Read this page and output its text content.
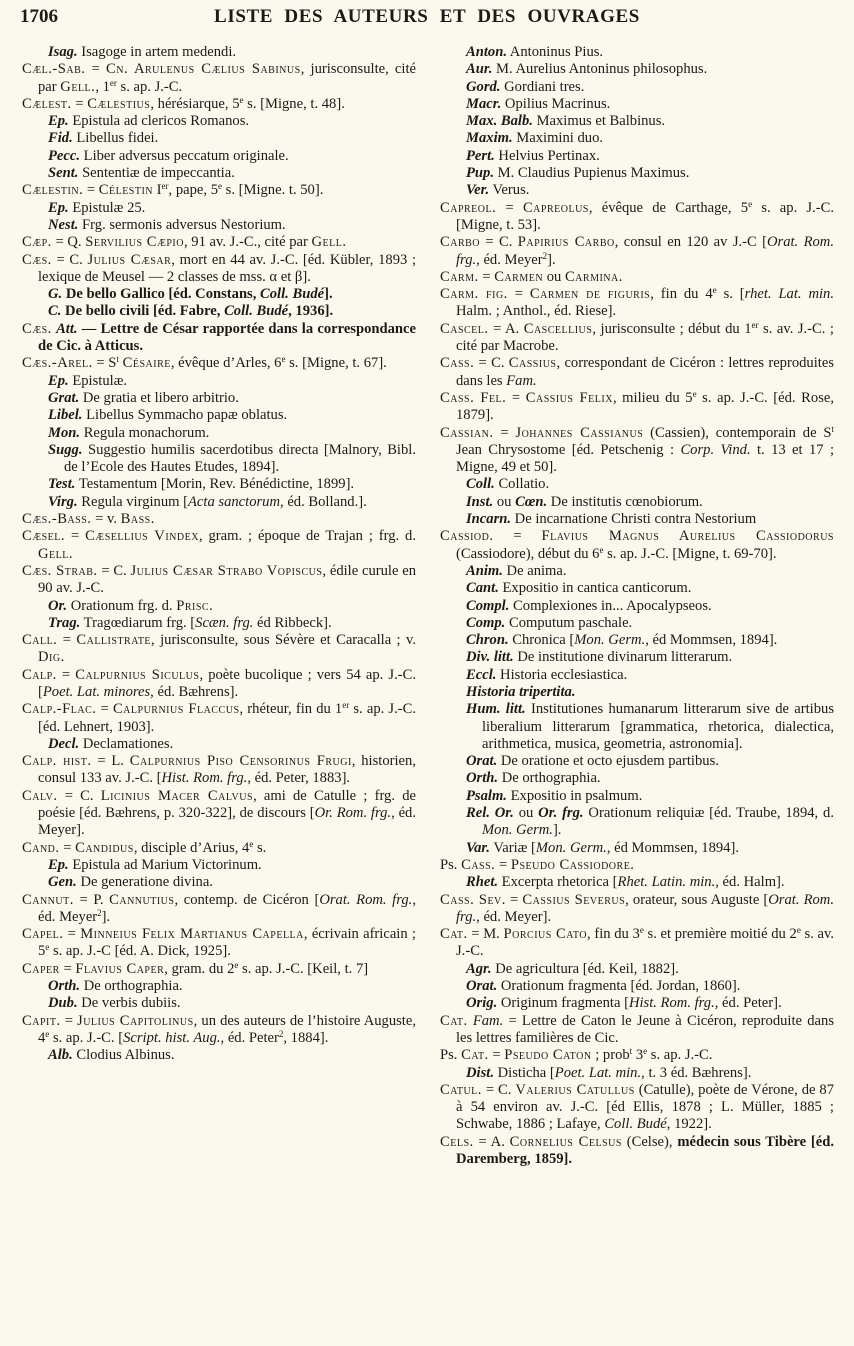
1706	LISTE DES AUTEURS ET DES OUVRAGES
Isag. Isagoge in artem medendi.
Cæl.-Sab. = Cn. Arulenus Cælius Sabinus, jurisconsulte, cité par Gell., 1er s. ap. J.-C.
Cælest. = Cælestius, hérésiarque, 5e s. [Migne, t. 48].
Ep. Epistula ad clericos Romanos.
Fid. Libellus fidei.
Pecc. Liber adversus peccatum originale.
Sent. Sententiæ de impeccantia.
Cælestin. = Célestin Ier, pape, 5e s. [Migne. t. 50].
Ep. Epistulæ 25.
Nest. Frg. sermonis adversus Nestorium.
Cæp. = Q. Servilius Cæpio, 91 av. J.-C., cité par Gell.
Cæs. = C. Julius Cæsar, mort en 44 av. J.-C. [éd. Kübler, 1893 ; lexique de Meusel — 2 classes de mss. α et β].
G. De bello Gallico [éd. Constans, Coll. Budé].
C. De bello civili [éd. Fabre, Coll. Budé, 1936].
Cæs. Att. — Lettre de César rapportée dans la correspondance de Cic. à Atticus.
Cæs.-Arel. = $S^t$ Césaire, évêque d’Arles, 6e s. [Migne, t. 67].
Ep. Epistulæ.
Grat. De gratia et libero arbitrio.
Libel. Libellus Symmacho papæ oblatus.
Mon. Regula monachorum.
Sugg. Suggestio humilis sacerdotibus directa [Malnory, Bibl. de l’Ecole des Hautes Etudes, 1894].
Test. Testamentum [Morin, Rev. Bénédictine, 1899].
Virg. Regula virginum [Acta sanctorum, éd. Bolland.].
Cæs.-Bass. = v. Bass.
Cæsel. = Cæsellius Vindex, gram. ; époque de Trajan ; frg. d. Gell.
Cæs. Strab. = C. Julius Cæsar Strabo Vopiscus, édile curule en 90 av. J.-C.
Or. Orationum frg. d. Prisc.
Trag. Tragœdiarum frg. [Scæn. frg. éd Ribbeck].
Call. = Callistrate, jurisconsulte, sous Sévère et Caracalla ; v. Dig.
Calp. = Calpurnius Siculus, poète bucolique ; vers 54 ap. J.-C. [Poet. Lat. minores, éd. Bæhrens].
Calp.-Flac. = Calpurnius Flaccus, rhéteur, fin du 1er s. ap. J.-C. [éd. Lehnert, 1903].
Decl. Declamationes.
Calp. hist. = L. Calpurnius Piso Censorinus Frugi, historien, consul 133 av. J.-C. [Hist. Rom. frg., éd. Peter, 1883].
Calv. = C. Licinius Macer Calvus, ami de Catulle ; frg. de poésie [éd. Bæhrens, p. 320-322], de discours [Or. Rom. frg., éd. Meyer].
Cand. = Candidus, disciple d’Arius, 4e s.
Ep. Epistula ad Marium Victorinum.
Gen. De generatione divina.
Cannut. = P. Cannutius, contemp. de Cicéron [Orat. Rom. frg., éd. Meyer$^2$].
Capel. = Minneius Felix Martianus Capella, écrivain africain ; 5e s. ap. J.-C [éd. A. Dick, 1925].
Caper = Flavius Caper, gram. du 2e s. ap. J.-C. [Keil, t. 7]
Orth. De orthographia.
Dub. De verbis dubiis.
Capit. = Julius Capitolinus, un des auteurs de l’histoire Auguste, 4e s. ap. J.-C. [Script. hist. Aug., éd. Peter$^2$, 1884].
Alb. Clodius Albinus.
Anton. Antoninus Pius.
Aur. M. Aurelius Antoninus philosophus.
Gord. Gordiani tres.
Macr. Opilius Macrinus.
Max. Balb. Maximus et Balbinus.
Maxim. Maximini duo.
Pert. Helvius Pertinax.
Pup. M. Claudius Pupienus Maximus.
Ver. Verus.
Capreol. = Capreolus, évêque de Carthage, 5e s. ap. J.-C. [Migne, t. 53].
Carbo = C. Papirius Carbo, consul en 120 av J.-C [Orat. Rom. frg., éd. Meyer$^2$].
Carm. = Carmen ou Carmina.
Carm. fig. = Carmen de figuris, fin du 4e s. [rhet. Lat. min. Halm. ; Anthol., éd. Riese].
Cascel. = A. Cascellius, jurisconsulte ; début du 1er s. av. J.-C. ; cité par Macrobe.
Cass. = C. Cassius, correspondant de Cicéron : lettres reproduites dans les Fam.
Cass. Fel. = Cassius Felix, milieu du 5e s. ap. J.-C. [éd. Rose, 1879].
Cassian. = Johannes Cassianus (Cassien), contemporain de $S^t$ Jean Chrysostome [éd. Petschenig : Corp. Vind. t. 13 et 17 ; Migne, 49 et 50].
Coll. Collatio.
Inst. ou Cœn. De institutis cœnobiorum.
Incarn. De incarnatione Christi contra Nestorium
Cassiod. = Flavius Magnus Aurelius Cassiodorus (Cassiodore), début du 6e s. ap. J.-C. [Migne, t. 69-70].
Anim. De anima.
Cant. Expositio in cantica canticorum.
Compl. Complexiones in... Apocalypseos.
Comp. Computum paschale.
Chron. Chronica [Mon. Germ., éd Mommsen, 1894].
Div. litt. De institutione divinarum litterarum.
Eccl. Historia ecclesiastica.
Historia tripertita.
Hum. litt. Institutiones humanarum litterarum sive de artibus liberalium litterarum [grammatica, rhetorica, dialectica, arithmetica, musica, geometria, astronomia].
Orat. De oratione et octo ejusdem partibus.
Orth. De orthographia.
Psalm. Expositio in psalmum.
Rel. Or. ou Or. frg. Orationum reliquiæ [éd. Traube, 1894, d. Mon. Germ.].
Var. Variæ [Mon. Germ., éd Mommsen, 1894].
Ps. Cass. = Pseudo Cassiodore.
Rhet. Excerpta rhetorica [Rhet. Latin. min., éd. Halm].
Cass. Sev. = Cassius Severus, orateur, sous Auguste [Orat. Rom. frg., éd. Meyer].
Cat. = M. Porcius Cato, fin du 3e s. et première moitié du 2e s. av. J.-C.
Agr. De agricultura [éd. Keil, 1882].
Orat. Orationum fragmenta [éd. Jordan, 1860].
Orig. Originum fragmenta [Hist. Rom. frg., éd. Peter].
Cat. Fam. = Lettre de Caton le Jeune à Cicéron, reproduite dans les lettres familières de Cic.
Ps. Cat. = Pseudo Caton ; prob$^t$ 3e s. ap. J.-C.
Dist. Disticha [Poet. Lat. min., t. 3 éd. Bæhrens].
Catul. = C. Valerius Catullus (Catulle), poète de Vérone, de 87 à 54 environ av. J.-C. [éd Ellis, 1878 ; L. Müller, 1885 ; Schwabe, 1886 ; Lafaye, Coll. Budé, 1922].
Cels. = A. Cornelius Celsus (Celse), médecin sous Tibère [éd. Daremberg, 1859].
